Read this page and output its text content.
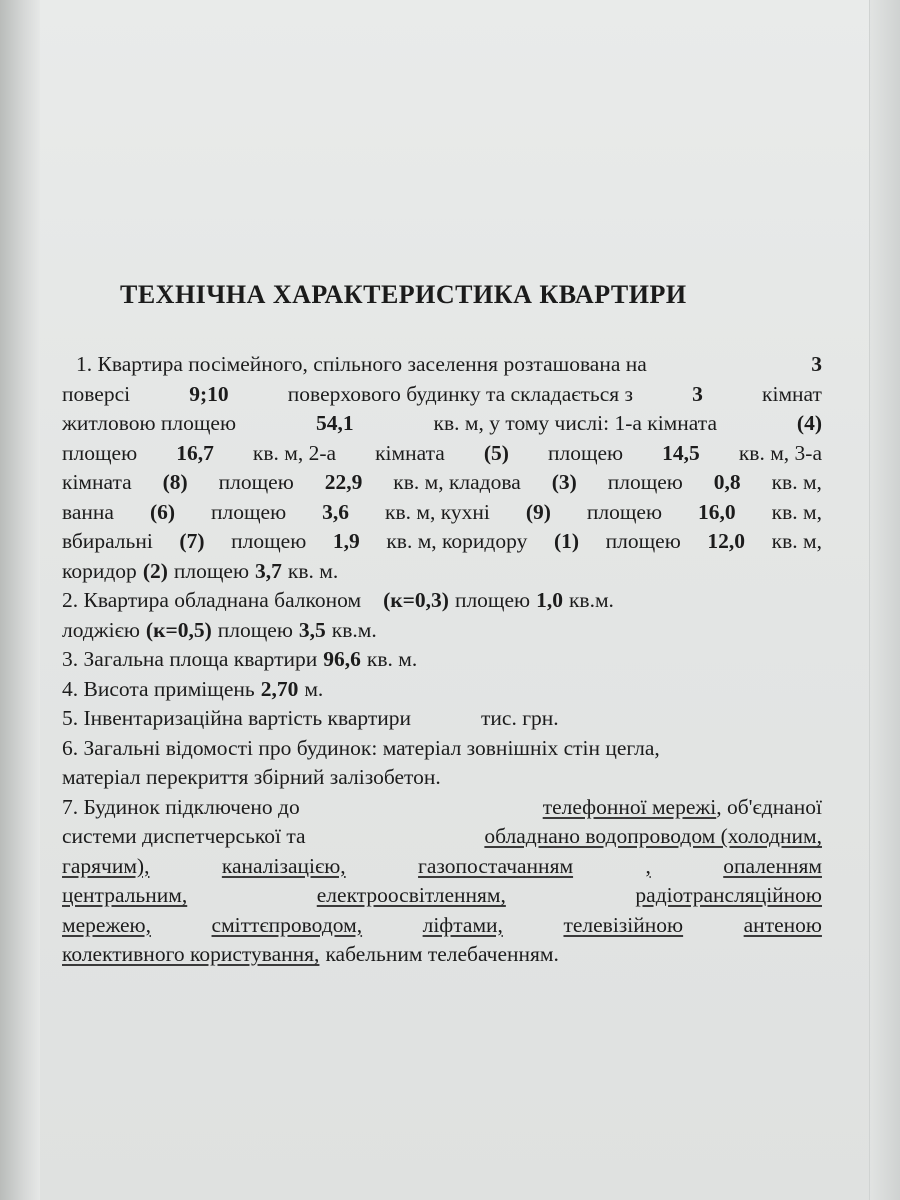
ТЕХНІЧНА ХАРАКТЕРИСТИКА КВАРТИРИ
1. Квартира посімейного, спільного заселення розташована на	3
поверсі	9;10	поверхового будинку та складається з	3	кімнат
житловою площею	54,1	кв. м, у тому числі: 1-а кімната	(4)
площею 16,7 кв. м, 2-а кімната (5) площею 14,5 кв. м, 3-а
кімната (8) площею 22,9 кв. м, кладова (3) площею 0,8 кв. м,
ванна (6) площею 3,6 кв. м, кухні (9) площею 16,0 кв. м,
вбиральні (7) площею 1,9 кв. м, коридору (1) площею 12,0 кв. м,
коридор (2) площею 3,7 кв. м.
2. Квартира обладнана балконом (к=0,3) площею 1,0 кв.м.
лоджією (к=0,5) площею 3,5 кв.м.
3. Загальна площа квартири 96,6 кв. м.
4. Висота приміщень 2,70 м.
5. Інвентаризаційна вартість квартири	тис. грн.
6. Загальні відомості про будинок: матеріал зовнішніх стін цегла,
матеріал перекриття збірний залізобетон.
7. Будинок підключено до	телефонної мережі, об'єднаної
системи диспетчерської та	обладнано водопроводом (холодним,
гарячим),	каналізацією,	газопостачанням	,	опаленням
центральним,	електроосвітленням,	радіотрансляційною
мережею,	сміттєпроводом,	ліфтами,	телевізійною	антеною
колективного користування, кабельним телебаченням.
